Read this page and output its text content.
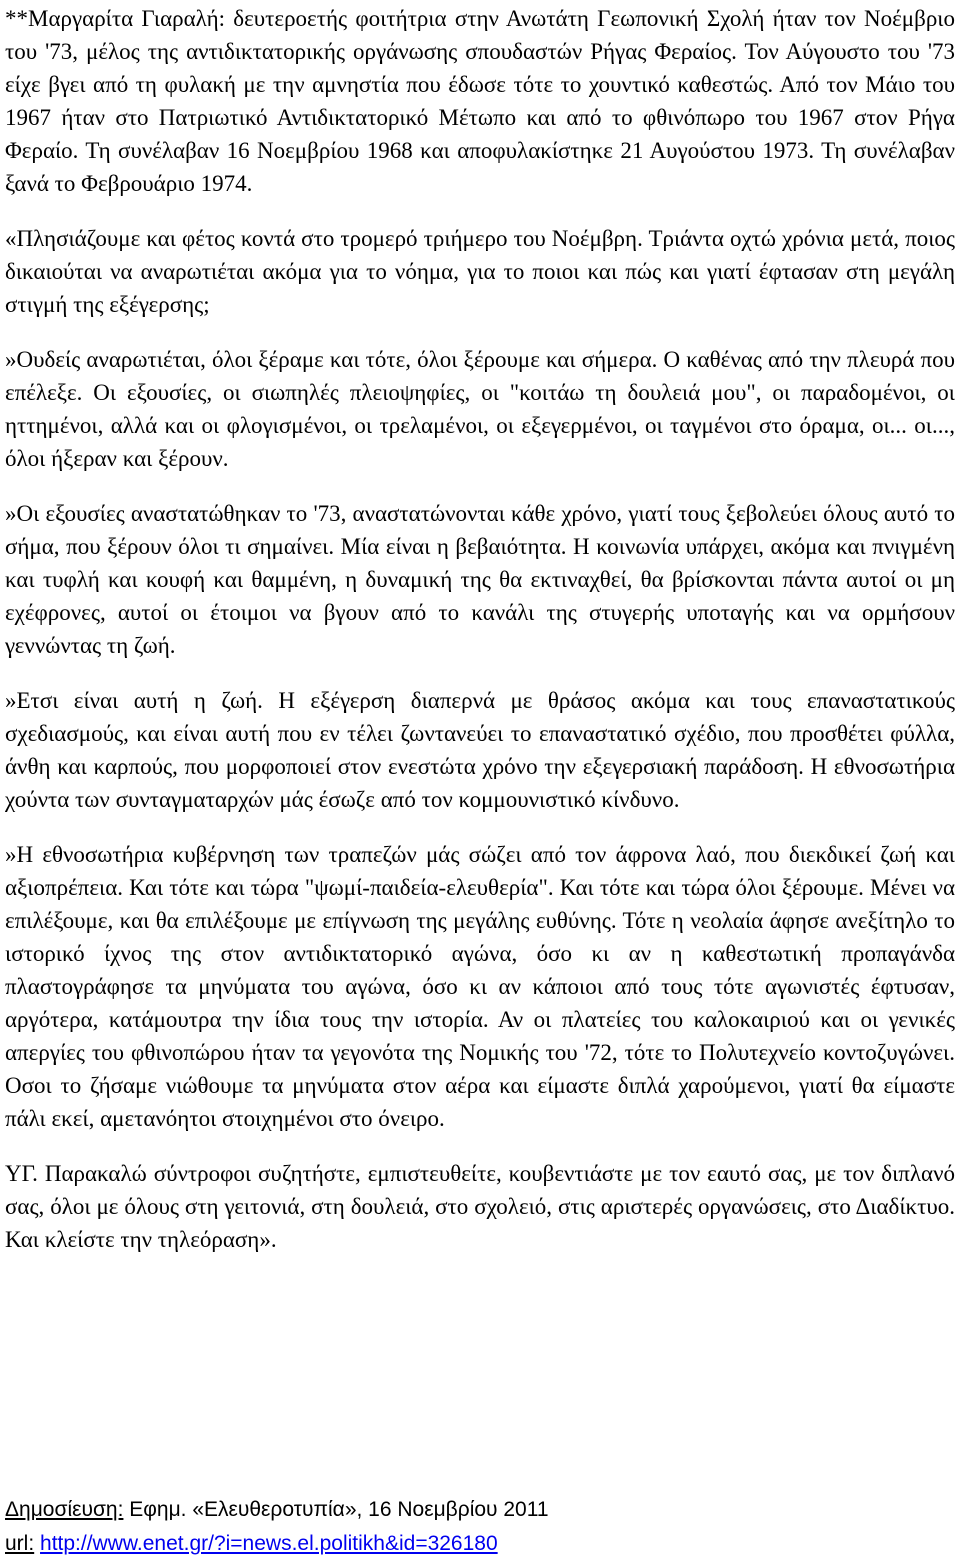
**Μαργαρίτα Γιαραλή: δευτεροετής φοιτήτρια στην Ανωτάτη Γεωπονική Σχολή ήταν τον Νοέμβριο του '73, μέλος της αντιδικτατορικής οργάνωσης σπουδαστών Ρήγας Φεραίος. Τον Αύγουστο του '73 είχε βγει από τη φυλακή με την αμνηστία που έδωσε τότε το χουντικό καθεστώς. Από τον Μάιο του 1967 ήταν στο Πατριωτικό Αντιδικτατορικό Μέτωπο και από το φθινόπωρο του 1967 στον Ρήγα Φεραίο. Τη συνέλαβαν 16 Νοεμβρίου 1968 και αποφυλακίστηκε 21 Αυγούστου 1973. Τη συνέλαβαν ξανά το Φεβρουάριο 1974.

«Πλησιάζουμε και φέτος κοντά στο τρομερό τριήμερο του Νοέμβρη. Τριάντα οχτώ χρόνια μετά, ποιος δικαιούται να αναρωτιέται ακόμα για το νόημα, για το ποιοι και πώς και γιατί έφτασαν στη μεγάλη στιγμή της εξέγερσης;

»Ουδείς αναρωτιέται, όλοι ξέραμε και τότε, όλοι ξέρουμε και σήμερα. Ο καθένας από την πλευρά που επέλεξε. Οι εξουσίες, οι σιωπηλές πλειοψηφίες, οι "κοιτάω τη δουλειά μου", οι παραδομένοι, οι ηττημένοι, αλλά και οι φλογισμένοι, οι τρελαμένοι, οι εξεγερμένοι, οι ταγμένοι στο όραμα, οι... οι..., όλοι ήξεραν και ξέρουν.

»Οι εξουσίες αναστατώθηκαν το '73, αναστατώνονται κάθε χρόνο, γιατί τους ξεβολεύει όλους αυτό το σήμα, που ξέρουν όλοι τι σημαίνει. Μία είναι η βεβαιότητα. Η κοινωνία υπάρχει, ακόμα και πνιγμένη και τυφλή και κουφή και θαμμένη, η δυναμική της θα εκτιναχθεί, θα βρίσκονται πάντα αυτοί οι μη εχέφρονες, αυτοί οι έτοιμοι να βγουν από το κανάλι της στυγερής υποταγής και να ορμήσουν γεννώντας τη ζωή.

»Ετσι είναι αυτή η ζωή. Η εξέγερση διαπερνά με θράσος ακόμα και τους επαναστατικούς σχεδιασμούς, και είναι αυτή που εν τέλει ζωντανεύει το επαναστατικό σχέδιο, που προσθέτει φύλλα, άνθη και καρπούς, που μορφοποιεί στον ενεστώτα χρόνο την εξεγερσιακή παράδοση. Η εθνοσωτήρια χούντα των συνταγματαρχών μάς έσωζε από τον κομμουνιστικό κίνδυνο.

»Η εθνοσωτήρια κυβέρνηση των τραπεζών μάς σώζει από τον άφρονα λαό, που διεκδικεί ζωή και αξιοπρέπεια. Και τότε και τώρα "ψωμί-παιδεία-ελευθερία". Και τότε και τώρα όλοι ξέρουμε. Μένει να επιλέξουμε, και θα επιλέξουμε με επίγνωση της μεγάλης ευθύνης. Τότε η νεολαία άφησε ανεξίτηλο το ιστορικό ίχνος της στον αντιδικτατορικό αγώνα, όσο κι αν η καθεστωτική προπαγάνδα πλαστογράφησε τα μηνύματα του αγώνα, όσο κι αν κάποιοι από τους τότε αγωνιστές έφτυσαν, αργότερα, κατάμουτρα την ίδια τους την ιστορία. Αν οι πλατείες του καλοκαιριού και οι γενικές απεργίες του φθινοπώρου ήταν τα γεγονότα της Νομικής του '72, τότε το Πολυτεχνείο κοντοζυγώνει. Οσοι το ζήσαμε νιώθουμε τα μηνύματα στον αέρα και είμαστε διπλά χαρούμενοι, γιατί θα είμαστε πάλι εκεί, αμετανόητοι στοιχημένοι στο όνειρο.

ΥΓ. Παρακαλώ σύντροφοι συζητήστε, εμπιστευθείτε, κουβεντιάστε με τον εαυτό σας, με τον διπλανό σας, όλοι με όλους στη γειτονιά, στη δουλειά, στο σχολειό, στις αριστερές οργανώσεις, στο Διαδίκτυο. Και κλείστε την τηλεόραση».

Δημοσίευση: Εφημ. «Ελευθεροτυπία», 16 Νοεμβρίου 2011
url: http://www.enet.gr/?i=news.el.politikh&id=326180
